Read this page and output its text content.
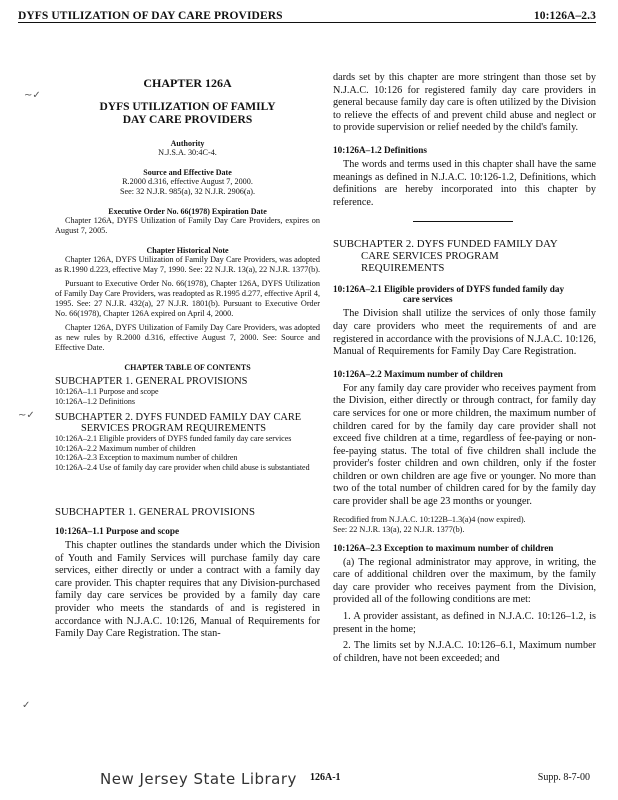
DYFS UTILIZATION OF DAY CARE PROVIDERS	10:126A–2.3
~✓
~✓
✓
CHAPTER 126A
DYFS UTILIZATION OF FAMILY DAY CARE PROVIDERS
Authority
N.J.S.A. 30:4C-4.
Source and Effective Date
R.2000 d.316, effective August 7, 2000.
See: 32 N.J.R. 985(a), 32 N.J.R. 2906(a).
Executive Order No. 66(1978) Expiration Date
Chapter 126A, DYFS Utilization of Family Day Care Providers, expires on August 7, 2005.
Chapter Historical Note
Chapter 126A, DYFS Utilization of Family Day Care Providers, was adopted as R.1990 d.223, effective May 7, 1990. See: 22 N.J.R. 13(a), 22 N.J.R. 1377(b).
Pursuant to Executive Order No. 66(1978), Chapter 126A, DYFS Utilization of Family Day Care Providers, was readopted as R.1995 d.277, effective April 4, 1995. See: 27 N.J.R. 432(a), 27 N.J.R. 1801(b). Pursuant to Executive Order No. 66(1978), Chapter 126A expired on April 4, 2000.
Chapter 126A, DYFS Utilization of Family Day Care Providers, was adopted as new rules by R.2000 d.316, effective August 7, 2000. See: Source and Effective Date.
CHAPTER TABLE OF CONTENTS
SUBCHAPTER 1. GENERAL PROVISIONS
10:126A–1.1 Purpose and scope
10:126A–1.2 Definitions
SUBCHAPTER 2. DYFS FUNDED FAMILY DAY CARE
SERVICES PROGRAM REQUIREMENTS
10:126A–2.1 Eligible providers of DYFS funded family day care services
10:126A–2.2 Maximum number of children
10:126A–2.3 Exception to maximum number of children
10:126A–2.4 Use of family day care provider when child abuse is substantiated
SUBCHAPTER 1. GENERAL PROVISIONS
10:126A–1.1 Purpose and scope
This chapter outlines the standards under which the Division of Youth and Family Services will purchase family day care services, either directly or under a contract with a family day care provider. This chapter requires that any Division-purchased family day care services be provided by a family day care provider who meets the standards of and is registered in accordance with N.J.A.C. 10:126, Manual of Requirements for Family Day Care Registration. The stan-
dards set by this chapter are more stringent than those set by N.J.A.C. 10:126 for registered family day care providers in general because family day care is often utilized by the Division to relieve the effects of and prevent child abuse and neglect or to provide supervision or relief needed by the child's family.
10:126A–1.2 Definitions
The words and terms used in this chapter shall have the same meanings as defined in N.J.A.C. 10:126-1.2, Definitions, which definitions are hereby incorporated into this chapter by reference.
SUBCHAPTER 2. DYFS FUNDED FAMILY DAY
CARE SERVICES PROGRAM
REQUIREMENTS
10:126A–2.1 Eligible providers of DYFS funded family day
care services
The Division shall utilize the services of only those family day care providers who meet the requirements of and are registered in accordance with the provisions of N.J.A.C. 10:126, Manual of Requirements for Family Day Care Registration.
10:126A–2.2 Maximum number of children
For any family day care provider who receives payment from the Division, either directly or through contract, for family day care services for one or more children, the maximum number of children cared for by the family day care provider shall not exceed five children at a time, regardless of fee-paying or non-fee-paying status. The total of five children shall include the provider's foster children and own children, only if the foster children or own children are age five or younger. No more than two of the total number of children cared for by the family day care provider shall be age 23 months or younger.
Recodified from N.J.A.C. 10:122B–1.3(a)4 (now expired).
See: 22 N.J.R. 13(a), 22 N.J.R. 1377(b).
10:126A–2.3 Exception to maximum number of children
(a) The regional administrator may approve, in writing, the care of additional children over the maximum, by the family day care provider who receives payment from the Division, provided all of the following conditions are met:
1. A provider assistant, as defined in N.J.A.C. 10:126–1.2, is present in the home;
2. The limits set by N.J.A.C. 10:126–6.1, Maximum number of children, have not been exceeded; and
New Jersey State Library 126A-1	Supp. 8-7-00
